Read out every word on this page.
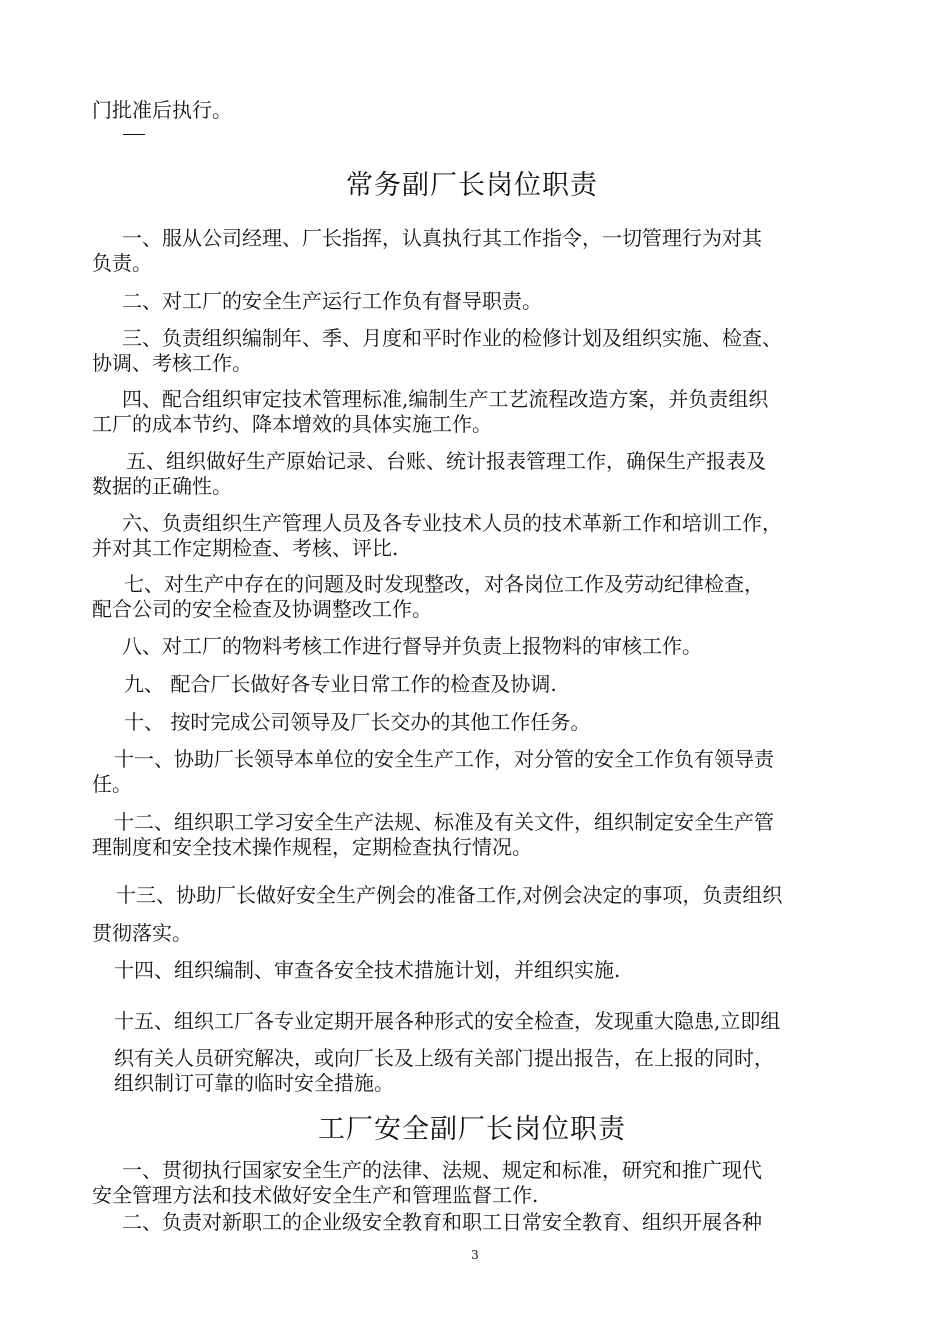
门批准后执行。
常务副厂长岗位职责
一、服从公司经理、厂长指挥，认真执行其工作指令，一切管理行为对其
负责。
二、对工厂的安全生产运行工作负有督导职责。
三、负责组织编制年、季、月度和平时作业的检修计划及组织实施、检查、
协调、考核工作。
四、配合组织审定技术管理标准,编制生产工艺流程改造方案，并负责组织
工厂的成本节约、降本增效的具体实施工作。
五、组织做好生产原始记录、台账、统计报表管理工作，确保生产报表及
数据的正确性。
六、负责组织生产管理人员及各专业技术人员的技术革新工作和培训工作，
并对其工作定期检查、考核、评比.
七、对生产中存在的问题及时发现整改，对各岗位工作及劳动纪律检查，
配合公司的安全检查及协调整改工作。
八、对工厂的物料考核工作进行督导并负责上报物料的审核工作。
九、 配合厂长做好各专业日常工作的检查及协调.
十、 按时完成公司领导及厂长交办的其他工作任务。
十一、协助厂长领导本单位的安全生产工作，对分管的安全工作负有领导责
任。
十二、组织职工学习安全生产法规、标准及有关文件，组织制定安全生产管
理制度和安全技术操作规程，定期检查执行情况。
十三、协助厂长做好安全生产例会的准备工作,对例会决定的事项，负责组织
贯彻落实。
十四、组织编制、审查各安全技术措施计划，并组织实施.
十五、组织工厂各专业定期开展各种形式的安全检查，发现重大隐患,立即组
织有关人员研究解决，或向厂长及上级有关部门提出报告，在上报的同时，
组织制订可靠的临时安全措施。
工厂安全副厂长岗位职责
一、贯彻执行国家安全生产的法律、法规、规定和标准，研究和推广现代
安全管理方法和技术做好安全生产和管理监督工作.
二、负责对新职工的企业级安全教育和职工日常安全教育、组织开展各种
3
